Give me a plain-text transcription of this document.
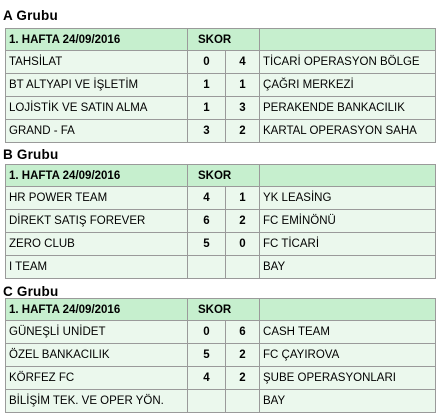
A Grubu
1. HAFTA 24/09/2016	SKOR		
TAHSİLAT	0	4	TİCARİ OPERASYON BÖLGE
BT ALTYAPI VE İŞLETİM	1	1	ÇAĞRI MERKEZİ
LOJİSTİK VE SATIN ALMA	1	3	PERAKENDE BANKACILIK
GRAND - FA	3	2	KARTAL OPERASYON SAHA
B Grubu
1. HAFTA 24/09/2016	SKOR		
HR POWER TEAM	4	1	YK LEASİNG
DİREKT SATIŞ FOREVER	6	2	FC EMİNÖNÜ
ZERO CLUB	5	0	FC TİCARİ
I TEAM			BAY
C Grubu
1. HAFTA 24/09/2016	SKOR		
GÜNEŞLİ UNİDET	0	6	CASH TEAM
ÖZEL BANKACILIK	5	2	FC ÇAYIROVA
KÖRFEZ FC	4	2	ŞUBE OPERASYONLARI
BİLİŞİM TEK. VE OPER YÖN.			BAY
